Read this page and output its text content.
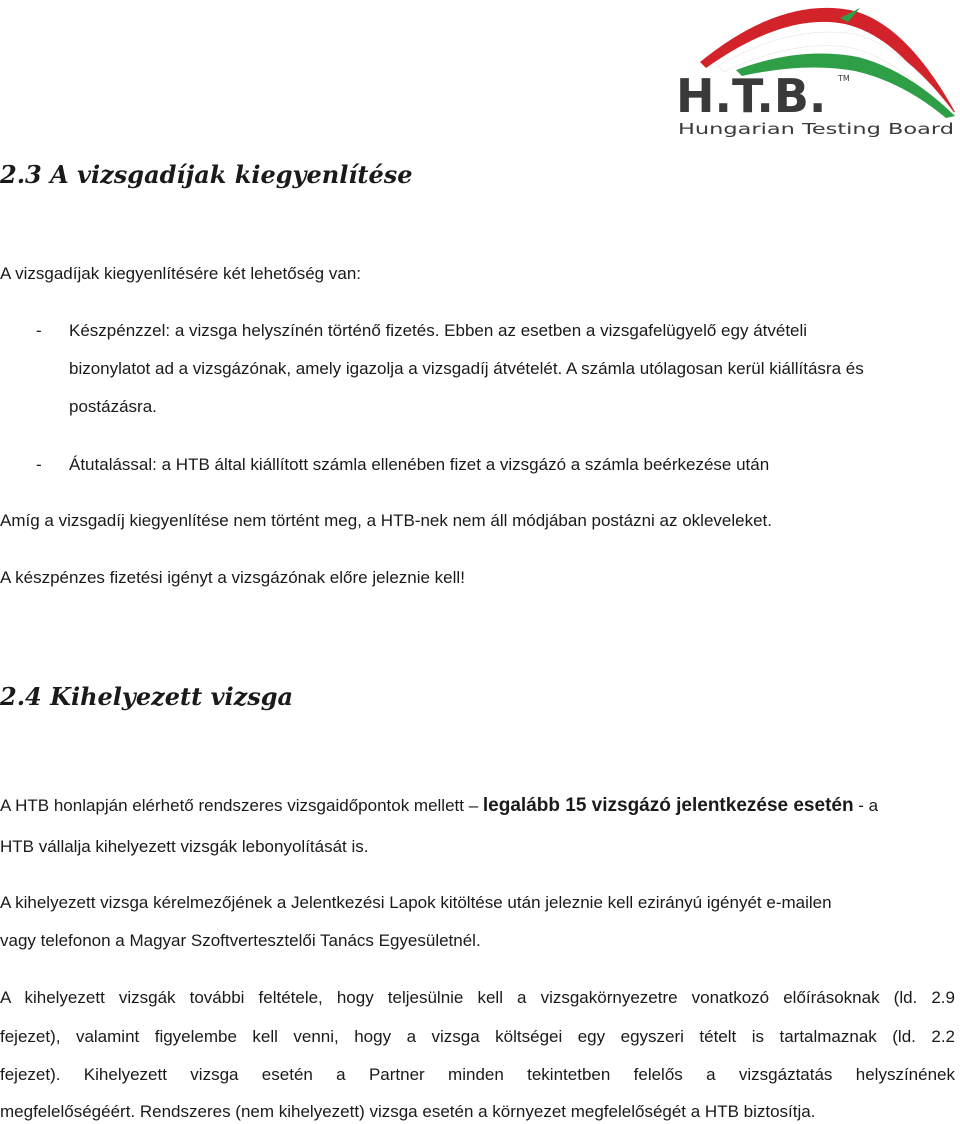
H.T.B. TM
Hungarian Testing Board
2.3 A vizsgadíjak kiegyenlítése

A vizsgadíjak kiegyenlítésére két lehetőség van:

- Készpénzzel: a vizsga helyszínén történő fizetés. Ebben az esetben a vizsgafelügyelő egy átvételi

bizonylatot ad a vizsgázónak, amely igazolja a vizsgadíj átvételét. A számla utólagosan kerül kiállításra és

postázásra.

- Átutalással: a HTB által kiállított számla ellenében fizet a vizsgázó a számla beérkezése után

Amíg a vizsgadíj kiegyenlítése nem történt meg, a HTB-nek nem áll módjában postázni az okleveleket.

A készpénzes fizetési igényt a vizsgázónak előre jeleznie kell!

2.4 Kihelyezett vizsga

A HTB honlapján elérhető rendszeres vizsgaidőpontok mellett – legalább 15 vizsgázó jelentkezése esetén - a

HTB vállalja kihelyezett vizsgák lebonyolítását is.

A kihelyezett vizsga kérelmezőjének a Jelentkezési Lapok kitöltése után jeleznie kell ezirányú igényét e-mailen

vagy telefonon a Magyar Szoftvertesztelői Tanács Egyesületnél.

A kihelyezett vizsgák további feltétele, hogy teljesülnie kell a vizsgakörnyezetre vonatkozó előírásoknak (ld. 2.9

fejezet), valamint figyelembe kell venni, hogy a vizsga költségei egy egyszeri tételt is tartalmaznak (ld. 2.2

fejezet). Kihelyezett vizsga esetén a Partner minden tekintetben felelős a vizsgáztatás helyszínének

megfelelőségéért. Rendszeres (nem kihelyezett) vizsga esetén a környezet megfelelőségét a HTB biztosítja.
